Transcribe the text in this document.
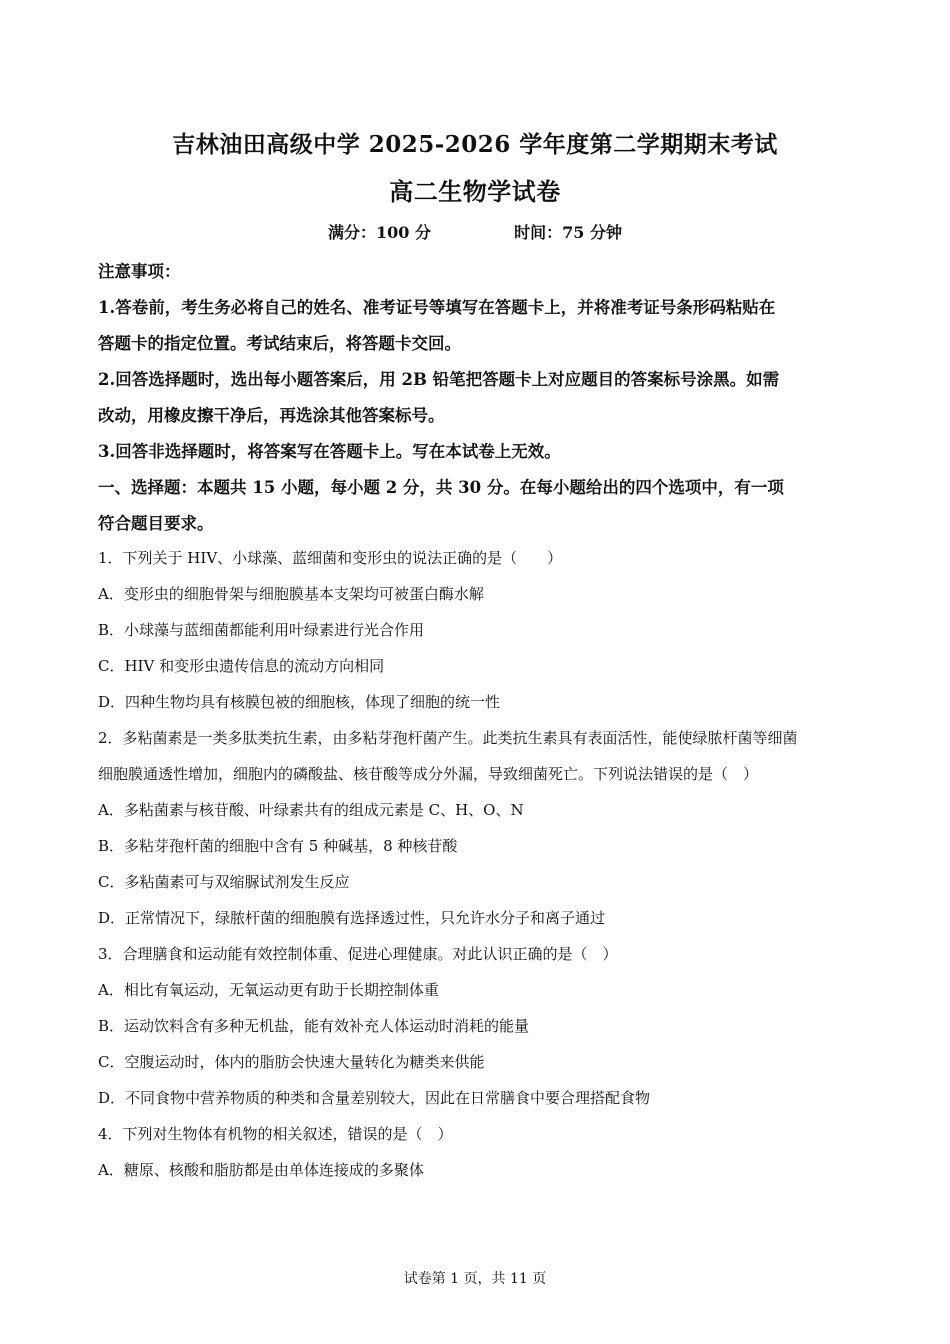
吉林油田高级中学 2025-2026 学年度第二学期期末考试
高二生物学试卷
满分：100 分	时间：75 分钟
注意事项：
1.答卷前，考生务必将自己的姓名、准考证号等填写在答题卡上，并将准考证号条形码粘贴在
答题卡的指定位置。考试结束后，将答题卡交回。
2.回答选择题时，选出每小题答案后，用 2B 铅笔把答题卡上对应题目的答案标号涂黑。如需
改动，用橡皮擦干净后，再选涂其他答案标号。
3.回答非选择题时，将答案写在答题卡上。写在本试卷上无效。
一、选择题：本题共 15 小题，每小题 2 分，共 30 分。在每小题给出的四个选项中，有一项
符合题目要求。
1．下列关于 HIV、小球藻、蓝细菌和变形虫的说法正确的是（　　）
A．变形虫的细胞骨架与细胞膜基本支架均可被蛋白酶水解
B．小球藻与蓝细菌都能利用叶绿素进行光合作用
C．HIV 和变形虫遗传信息的流动方向相同
D．四种生物均具有核膜包被的细胞核，体现了细胞的统一性
2．多粘菌素是一类多肽类抗生素，由多粘芽孢杆菌产生。此类抗生素具有表面活性，能使绿脓杆菌等细菌
细胞膜通透性增加，细胞内的磷酸盐、核苷酸等成分外漏，导致细菌死亡。下列说法错误的是（　）
A．多粘菌素与核苷酸、叶绿素共有的组成元素是 C、H、O、N
B．多粘芽孢杆菌的细胞中含有 5 种碱基，8 种核苷酸
C．多粘菌素可与双缩脲试剂发生反应
D．正常情况下，绿脓杆菌的细胞膜有选择透过性，只允许水分子和离子通过
3．合理膳食和运动能有效控制体重、促进心理健康。对此认识正确的是（　）
A．相比有氧运动，无氧运动更有助于长期控制体重
B．运动饮料含有多种无机盐，能有效补充人体运动时消耗的能量
C．空腹运动时，体内的脂肪会快速大量转化为糖类来供能
D．不同食物中营养物质的种类和含量差别较大，因此在日常膳食中要合理搭配食物
4．下列对生物体有机物的相关叙述，错误的是（　）
A．糖原、核酸和脂肪都是由单体连接成的多聚体
试卷第 1 页，共 11 页
